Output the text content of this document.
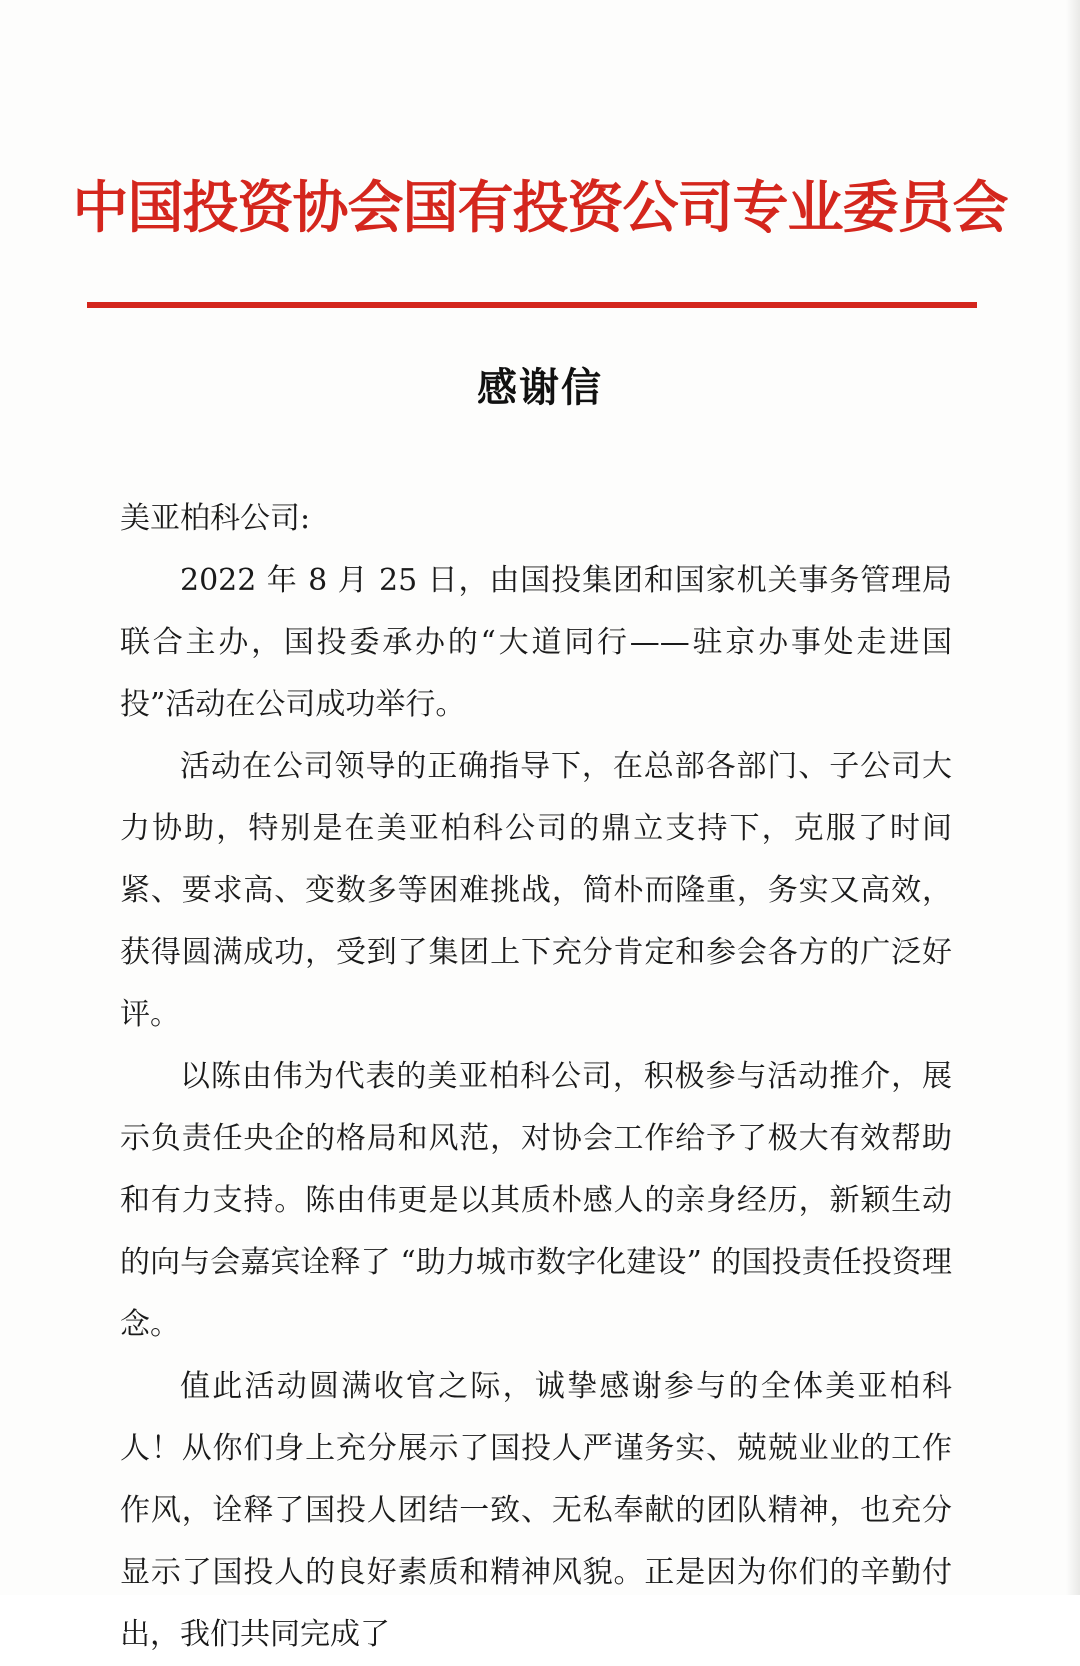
中国投资协会国有投资公司专业委员会
感谢信

美亚柏科公司:

2022 年 8 月 25 日，由国投集团和国家机关事务管理局联合主办，国投委承办的“大道同行——驻京办事处走进国投”活动在公司成功举行。

活动在公司领导的正确指导下，在总部各部门、子公司大力协助，特别是在美亚柏科公司的鼎立支持下，克服了时间紧、要求高、变数多等困难挑战，简朴而隆重，务实又高效，获得圆满成功，受到了集团上下充分肯定和参会各方的广泛好评。

以陈由伟为代表的美亚柏科公司，积极参与活动推介，展示负责任央企的格局和风范，对协会工作给予了极大有效帮助和有力支持。陈由伟更是以其质朴感人的亲身经历，新颖生动的向与会嘉宾诠释了 “助力城市数字化建设” 的国投责任投资理念。

值此活动圆满收官之际，诚挚感谢参与的全体美亚柏科人！从你们身上充分展示了国投人严谨务实、兢兢业业的工作作风，诠释了国投人团结一致、无私奉献的团队精神，也充分显示了国投人的良好素质和精神风貌。正是因为你们的辛勤付出，我们共同完成了
